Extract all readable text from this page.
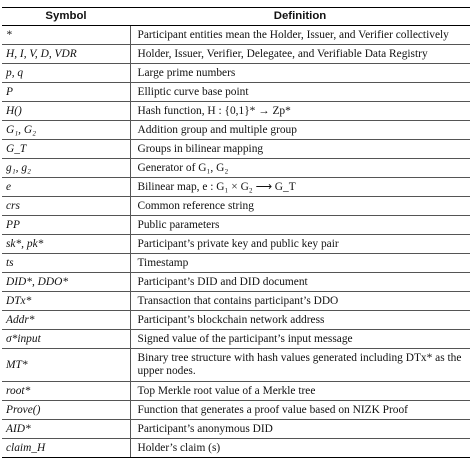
Symbol	Definition
*	Participant entities mean the Holder, Issuer, and Verifier collectively
H, I, V, D, VDR	Holder, Issuer, Verifier, Delegatee, and Verifiable Data Registry
p, q	Large prime numbers
P	Elliptic curve base point
H()	Hash function, H : {0,1}* → Zp*
G₁, G₂	Addition group and multiple group
G_T	Groups in bilinear mapping
g₁, g₂	Generator of G₁, G₂
e	Bilinear map, e : G₁ × G₂ ⟶ G_T
crs	Common reference string
PP	Public parameters
sk*, pk*	Participant’s private key and public key pair
ts	Timestamp
DID*, DDO*	Participant’s DID and DID document
DTx*	Transaction that contains participant’s DDO
Addr*	Participant’s blockchain network address
σ*input	Signed value of the participant’s input message
MT*	Binary tree structure with hash values generated including DTx* as the upper nodes.
root*	Top Merkle root value of a Merkle tree
Prove()	Function that generates a proof value based on NIZK Proof
AID*	Participant’s anonymous DID
claim_H	Holder’s claim (s)
